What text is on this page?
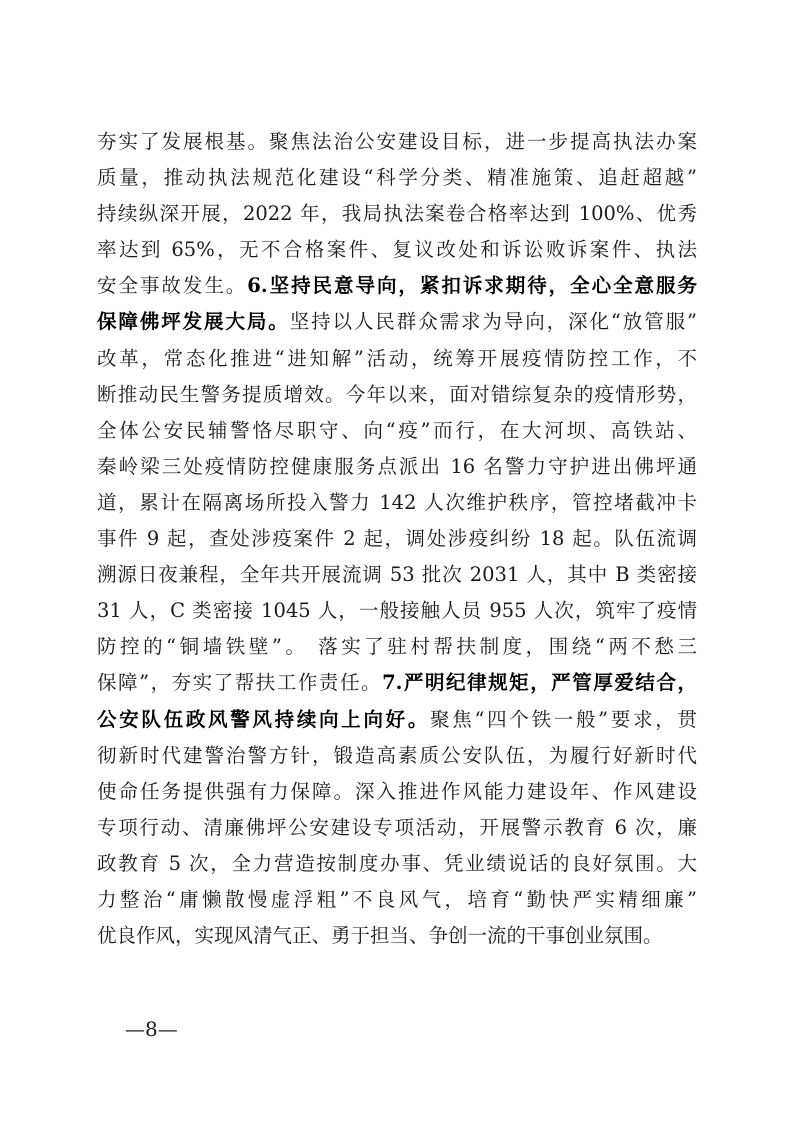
夯实了发展根基。聚焦法治公安建设目标，进一步提高执法办案
质量，推动执法规范化建设“科学分类、精准施策、追赶超越”
持续纵深开展，2022 年，我局执法案卷合格率达到 100%、优秀
率达到 65%，无不合格案件、复议改处和诉讼败诉案件、执法
安全事故发生。6.坚持民意导向，紧扣诉求期待，全心全意服务
保障佛坪发展大局。坚持以人民群众需求为导向，深化“放管服”
改革，常态化推进“进知解”活动，统筹开展疫情防控工作，不
断推动民生警务提质增效。今年以来，面对错综复杂的疫情形势，
全体公安民辅警恪尽职守、向“疫”而行，在大河坝、高铁站、
秦岭梁三处疫情防控健康服务点派出 16 名警力守护进出佛坪通
道，累计在隔离场所投入警力 142 人次维护秩序，管控堵截冲卡
事件 9 起，查处涉疫案件 2 起，调处涉疫纠纷 18 起。队伍流调
溯源日夜兼程，全年共开展流调 53 批次 2031 人，其中 B 类密接
31 人，C 类密接 1045 人，一般接触人员 955 人次，筑牢了疫情
防控的“铜墙铁壁”。 落实了驻村帮扶制度，围绕“两不愁三
保障”，夯实了帮扶工作责任。7.严明纪律规矩，严管厚爱结合，
公安队伍政风警风持续向上向好。聚焦“四个铁一般”要求，贯
彻新时代建警治警方针，锻造高素质公安队伍，为履行好新时代
使命任务提供强有力保障。深入推进作风能力建设年、作风建设
专项行动、清廉佛坪公安建设专项活动，开展警示教育 6 次，廉
政教育 5 次，全力营造按制度办事、凭业绩说话的良好氛围。大
力整治“庸懒散慢虚浮粗”不良风气，培育“勤快严实精细廉”
优良作风，实现风清气正、勇于担当、争创一流的干事创业氛围。
—8—
